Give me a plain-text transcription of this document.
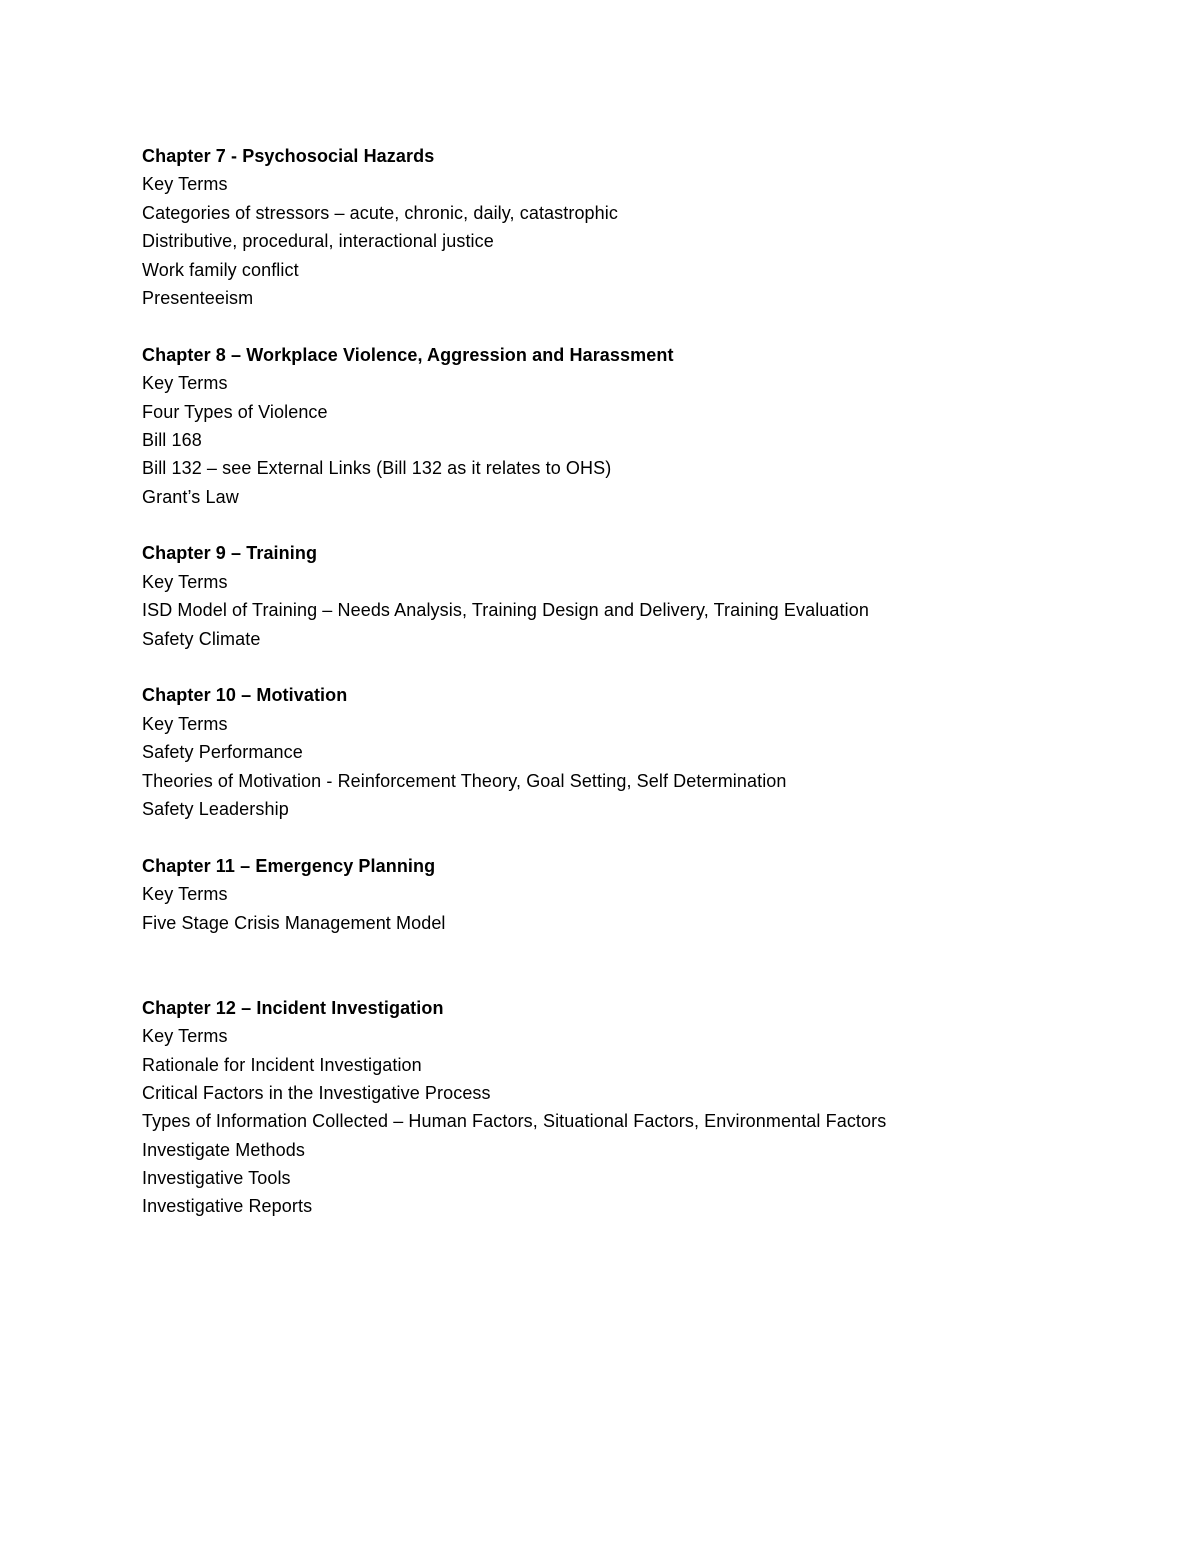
Chapter 7 - Psychosocial Hazards
Key Terms
Categories of stressors – acute, chronic, daily, catastrophic
Distributive, procedural, interactional justice
Work family conflict
Presenteeism
Chapter 8 – Workplace Violence, Aggression and Harassment
Key Terms
Four Types of Violence
Bill 168
Bill 132 – see External Links (Bill 132 as it relates to OHS)
Grant’s Law
Chapter 9 – Training
Key Terms
ISD Model of Training – Needs Analysis, Training Design and Delivery, Training Evaluation
Safety Climate
Chapter 10 – Motivation
Key Terms
Safety Performance
Theories of Motivation - Reinforcement Theory, Goal Setting, Self Determination
Safety Leadership
Chapter 11 – Emergency Planning
Key Terms
Five Stage Crisis Management Model
Chapter 12 – Incident Investigation
Key Terms
Rationale for Incident Investigation
Critical Factors in the Investigative Process
Types of Information Collected – Human Factors, Situational Factors, Environmental Factors
Investigate Methods
Investigative Tools
Investigative Reports
